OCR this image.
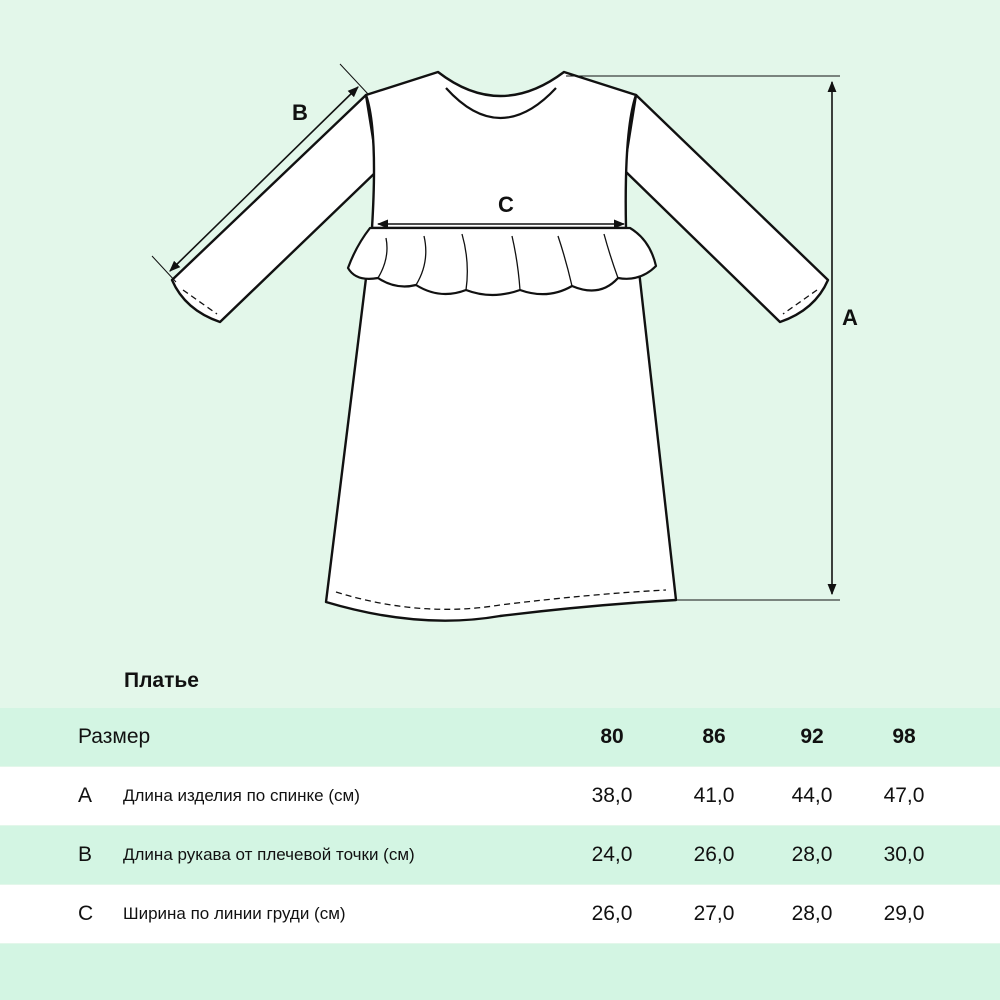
A
B
C
Платье
Размер	80	86	92	98
A Длина изделия по спинке (см)	38,0	41,0	44,0	47,0
B Длина рукава от плечевой точки (см)	24,0	26,0	28,0	30,0
C Ширина по линии груди (см)	26,0	27,0	28,0	29,0
